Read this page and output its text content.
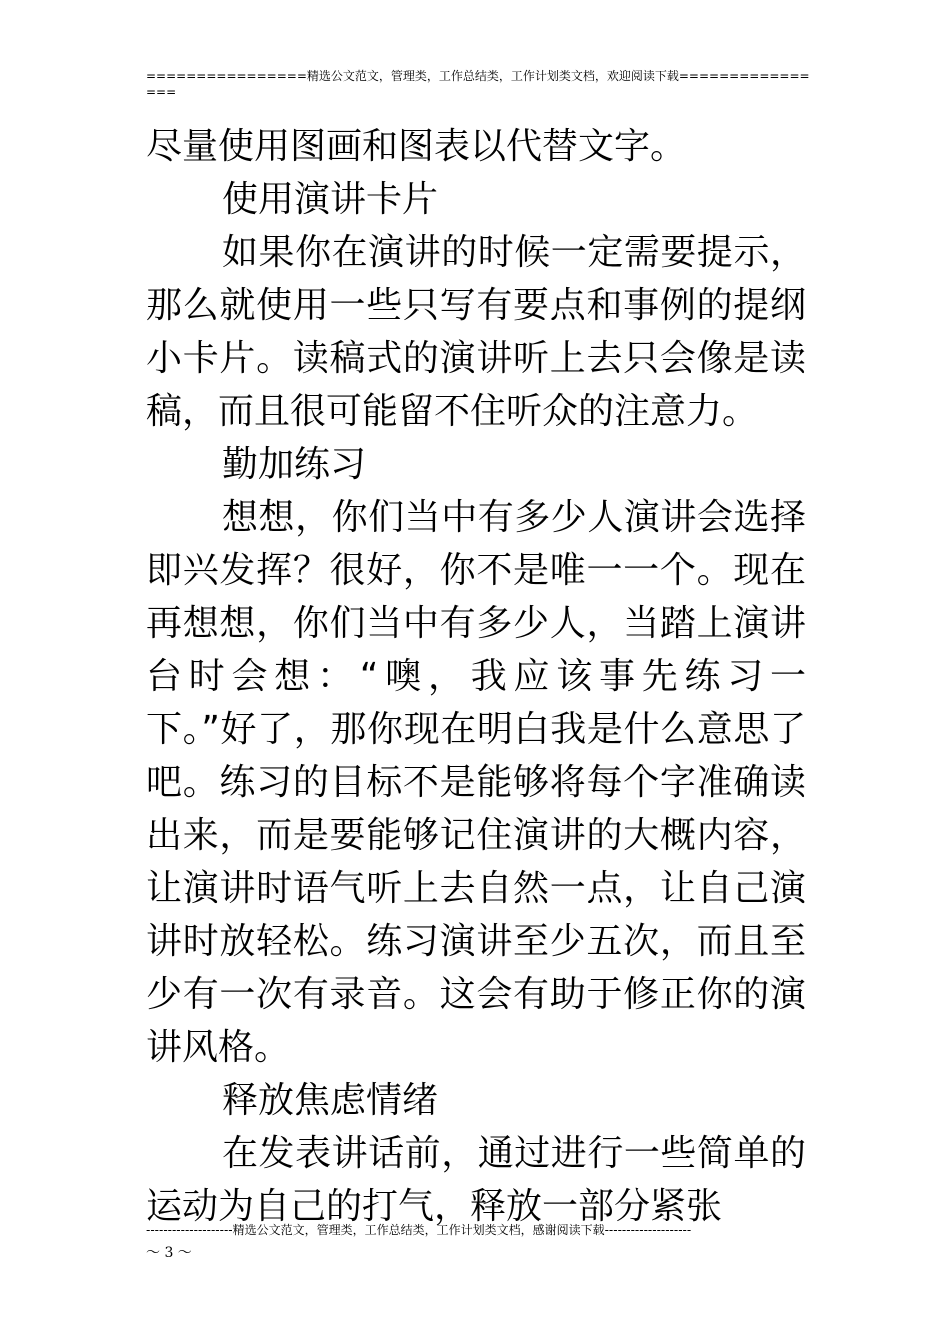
================精选公文范文，管理类，工作总结类，工作计划类文档，欢迎阅读下载================

尽量使用图画和图表以代替文字。

使用演讲卡片

如果你在演讲的时候一定需要提示，那么就使用一些只写有要点和事例的提纲小卡片。读稿式的演讲听上去只会像是读稿，而且很可能留不住听众的注意力。

勤加练习

想想，你们当中有多少人演讲会选择即兴发挥？很好，你不是唯一一个。现在再想想，你们当中有多少人，当踏上演讲台时会想：“噢，我应该事先练习一下。”好了，那你现在明白我是什么意思了吧。练习的目标不是能够将每个字准确读出来，而是要能够记住演讲的大概内容，让演讲时语气听上去自然一点，让自己演讲时放轻松。练习演讲至少五次，而且至少有一次有录音。这会有助于修正你的演讲风格。

释放焦虑情绪

在发表讲话前，通过进行一些简单的运动为自己的打气，释放一部分紧张

--------------------精选公文范文，管理类，工作总结类，工作计划类文档，感谢阅读下载--------------------
～ 3 ～
